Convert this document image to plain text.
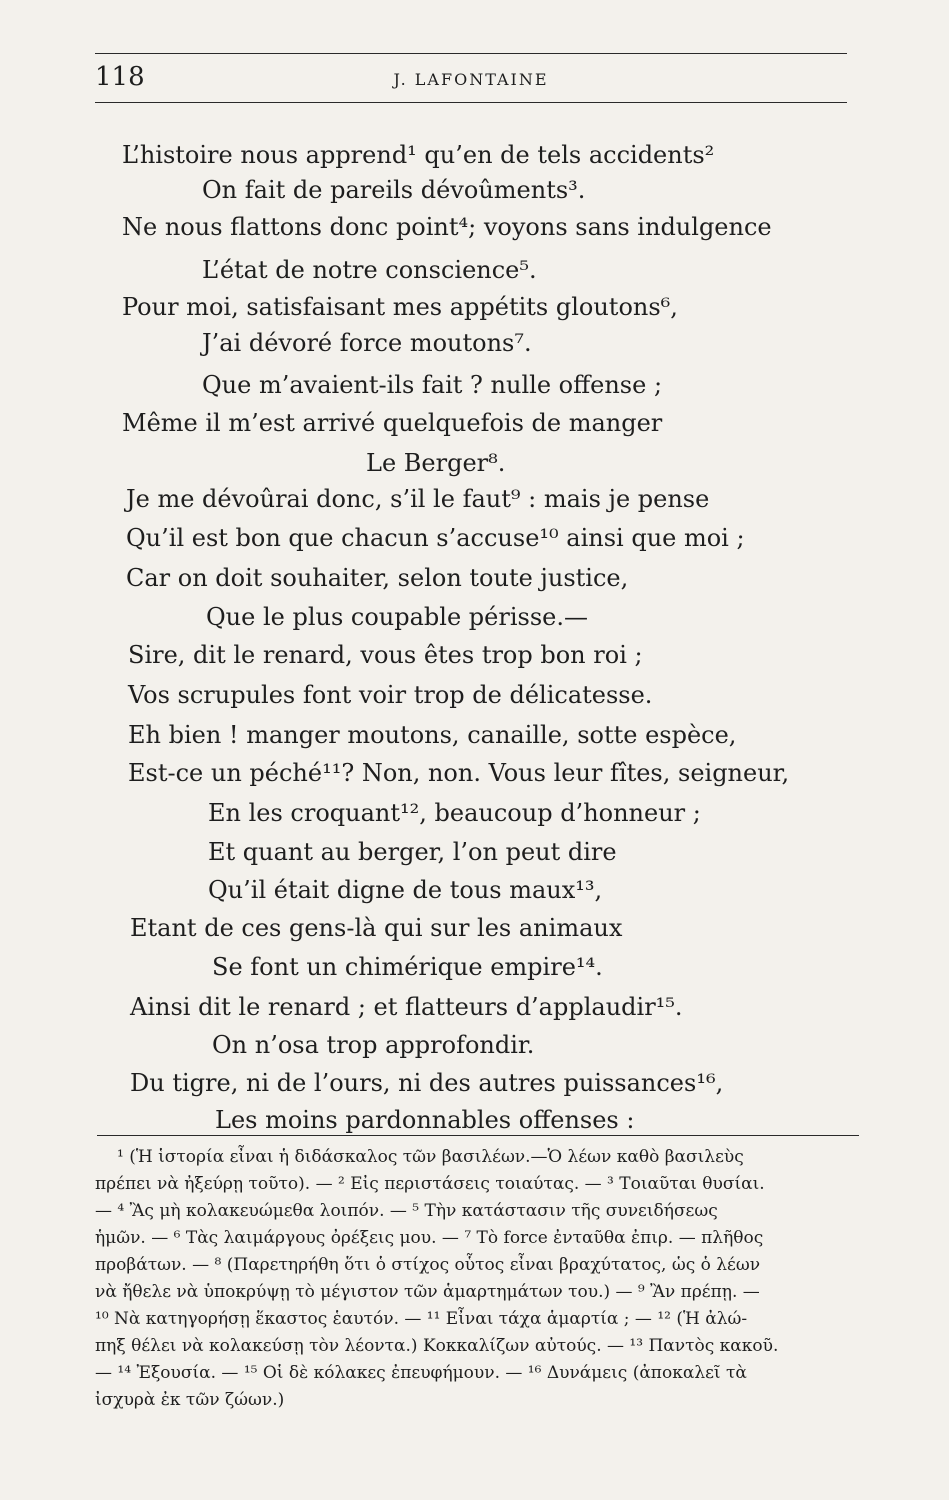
118	J. LAFONTAINE
L’histoire nous apprend¹ qu’en de tels accidents²
On fait de pareils dévoûments³.
Ne nous flattons donc point⁴; voyons sans indulgence
L’état de notre conscience⁵.
Pour moi, satisfaisant mes appétits gloutons⁶,
J’ai dévoré force moutons⁷.
Que m’avaient-ils fait ? nulle offense ;
Même il m’est arrivé quelquefois de manger
Le Berger⁸.
Je me dévoûrai donc, s’il le faut⁹ : mais je pense
Qu’il est bon que chacun s’accuse¹⁰ ainsi que moi ;
Car on doit souhaiter, selon toute justice,
Que le plus coupable périsse.—
Sire, dit le renard, vous êtes trop bon roi ;
Vos scrupules font voir trop de délicatesse.
Eh bien ! manger moutons, canaille, sotte espèce,
Est-ce un péché¹¹? Non, non. Vous leur fîtes, seigneur,
En les croquant¹², beaucoup d’honneur ;
Et quant au berger, l’on peut dire
Qu’il était digne de tous maux¹³,
Etant de ces gens-là qui sur les animaux
Se font un chimérique empire¹⁴.
Ainsi dit le renard ; et flatteurs d’applaudir¹⁵.
On n’osa trop approfondir.
Du tigre, ni de l’ours, ni des autres puissances¹⁶,
Les moins pardonnables offenses :
¹ (Ἡ ἱστορία εἶναι ἡ διδάσκαλος τῶν βασιλέων.—Ὁ λέων καθὸ βασιλεὺς
πρέπει νὰ ἠξεύρῃ τοῦτο). — ² Εἰς περιστάσεις τοιαύτας. — ³ Τοιαῦται θυσίαι.
— ⁴ Ἂς μὴ κολακευώμεθα λοιπόν. — ⁵ Τὴν κατάστασιν τῆς συνειδήσεως
ἡμῶν. — ⁶ Τὰς λαιμάργους ὀρέξεις μου. — ⁷ Τὸ force ἐνταῦθα ἐπιρ. — πλῆθος
προβάτων. — ⁸ (Παρετηρήθη ὅτι ὁ στίχος οὗτος εἶναι βραχύτατος, ὡς ὁ λέων
νὰ ἤθελε νὰ ὑποκρύψῃ τὸ μέγιστον τῶν ἁμαρτημάτων του.) — ⁹ Ἂν πρέπῃ. —
¹⁰ Νὰ κατηγορήσῃ ἕκαστος ἑαυτόν. — ¹¹ Εἶναι τάχα ἁμαρτία ; — ¹² (Ἡ ἀλώ-
πηξ θέλει νὰ κολακεύσῃ τὸν λέοντα.) Κοκκαλίζων αὐτούς. — ¹³ Παντὸς κακοῦ.
— ¹⁴ Ἐξουσία. — ¹⁵ Οἱ δὲ κόλακες ἐπευφήμουν. — ¹⁶ Δυνάμεις (ἀποκαλεῖ τὰ
ἰσχυρὰ ἐκ τῶν ζώων.)
